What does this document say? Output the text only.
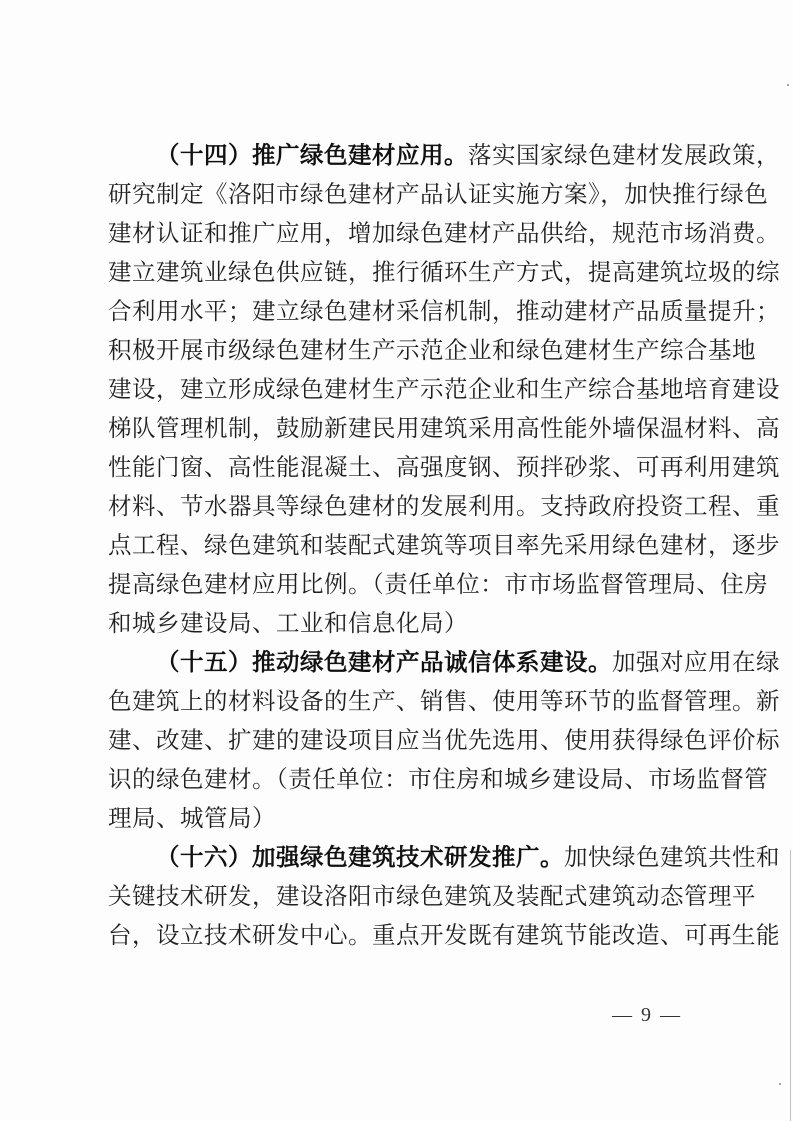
（十四）推广绿色建材应用。落实国家绿色建材发展政策，
研究制定《洛阳市绿色建材产品认证实施方案》，加快推行绿色
建材认证和推广应用，增加绿色建材产品供给，规范市场消费。
建立建筑业绿色供应链，推行循环生产方式，提高建筑垃圾的综
合利用水平；建立绿色建材采信机制，推动建材产品质量提升；
积极开展市级绿色建材生产示范企业和绿色建材生产综合基地
建设，建立形成绿色建材生产示范企业和生产综合基地培育建设
梯队管理机制，鼓励新建民用建筑采用高性能外墙保温材料、高
性能门窗、高性能混凝土、高强度钢、预拌砂浆、可再利用建筑
材料、节水器具等绿色建材的发展利用。支持政府投资工程、重
点工程、绿色建筑和装配式建筑等项目率先采用绿色建材，逐步
提高绿色建材应用比例。（责任单位：市市场监督管理局、住房
和城乡建设局、工业和信息化局）
（十五）推动绿色建材产品诚信体系建设。加强对应用在绿
色建筑上的材料设备的生产、销售、使用等环节的监督管理。新
建、改建、扩建的建设项目应当优先选用、使用获得绿色评价标
识的绿色建材。（责任单位：市住房和城乡建设局、市场监督管
理局、城管局）
（十六）加强绿色建筑技术研发推广。加快绿色建筑共性和
关键技术研发，建设洛阳市绿色建筑及装配式建筑动态管理平
台，设立技术研发中心。重点开发既有建筑节能改造、可再生能
— 9 —
